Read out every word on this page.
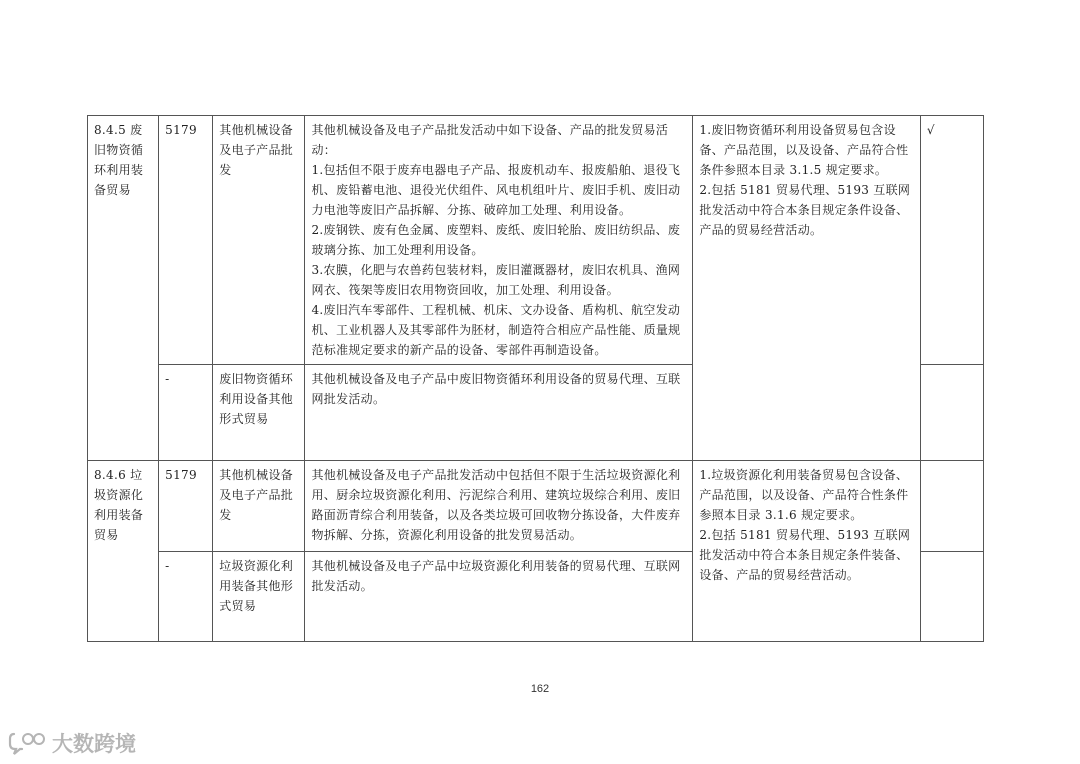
8.4.5 废旧物资循环利用装备贸易	5179	其他机械设备及电子产品批发	其他机械设备及电子产品批发活动中如下设备、产品的批发贸易活动：
1.包括但不限于废弃电器电子产品、报废机动车、报废船舶、退役飞机、废铅蓄电池、退役光伏组件、风电机组叶片、废旧手机、废旧动力电池等废旧产品拆解、分拣、破碎加工处理、利用设备。
2.废钢铁、废有色金属、废塑料、废纸、废旧轮胎、废旧纺织品、废玻璃分拣、加工处理利用设备。
3.农膜，化肥与农兽药包装材料，废旧灌溉器材，废旧农机具、渔网网衣、筏架等废旧农用物资回收，加工处理、利用设备。
4.废旧汽车零部件、工程机械、机床、文办设备、盾构机、航空发动机、工业机器人及其零部件为胚材，制造符合相应产品性能、质量规范标准规定要求的新产品的设备、零部件再制造设备。	1.废旧物资循环利用设备贸易包含设备、产品范围，以及设备、产品符合性条件参照本目录 3.1.5 规定要求。
2.包括 5181 贸易代理、5193 互联网批发活动中符合本条目规定条件设备、产品的贸易经营活动。	√
	-	废旧物资循环利用设备其他形式贸易	其他机械设备及电子产品中废旧物资循环利用设备的贸易代理、互联网批发活动。		

8.4.6 垃圾资源化利用装备贸易	5179	其他机械设备及电子产品批发	其他机械设备及电子产品批发活动中包括但不限于生活垃圾资源化利用、厨余垃圾资源化利用、污泥综合利用、建筑垃圾综合利用、废旧路面沥青综合利用装备，以及各类垃圾可回收物分拣设备，大件废弃物拆解、分拣，资源化利用设备的批发贸易活动。	1.垃圾资源化利用装备贸易包含设备、产品范围，以及设备、产品符合性条件参照本目录 3.1.6 规定要求。
2.包括 5181 贸易代理、5193 互联网批发活动中符合本条目规定条件装备、设备、产品的贸易经营活动。	

	-	垃圾资源化利用装备其他形式贸易	其他机械设备及电子产品中垃圾资源化利用装备的贸易代理、互联网批发活动。		

162
大数跨境
